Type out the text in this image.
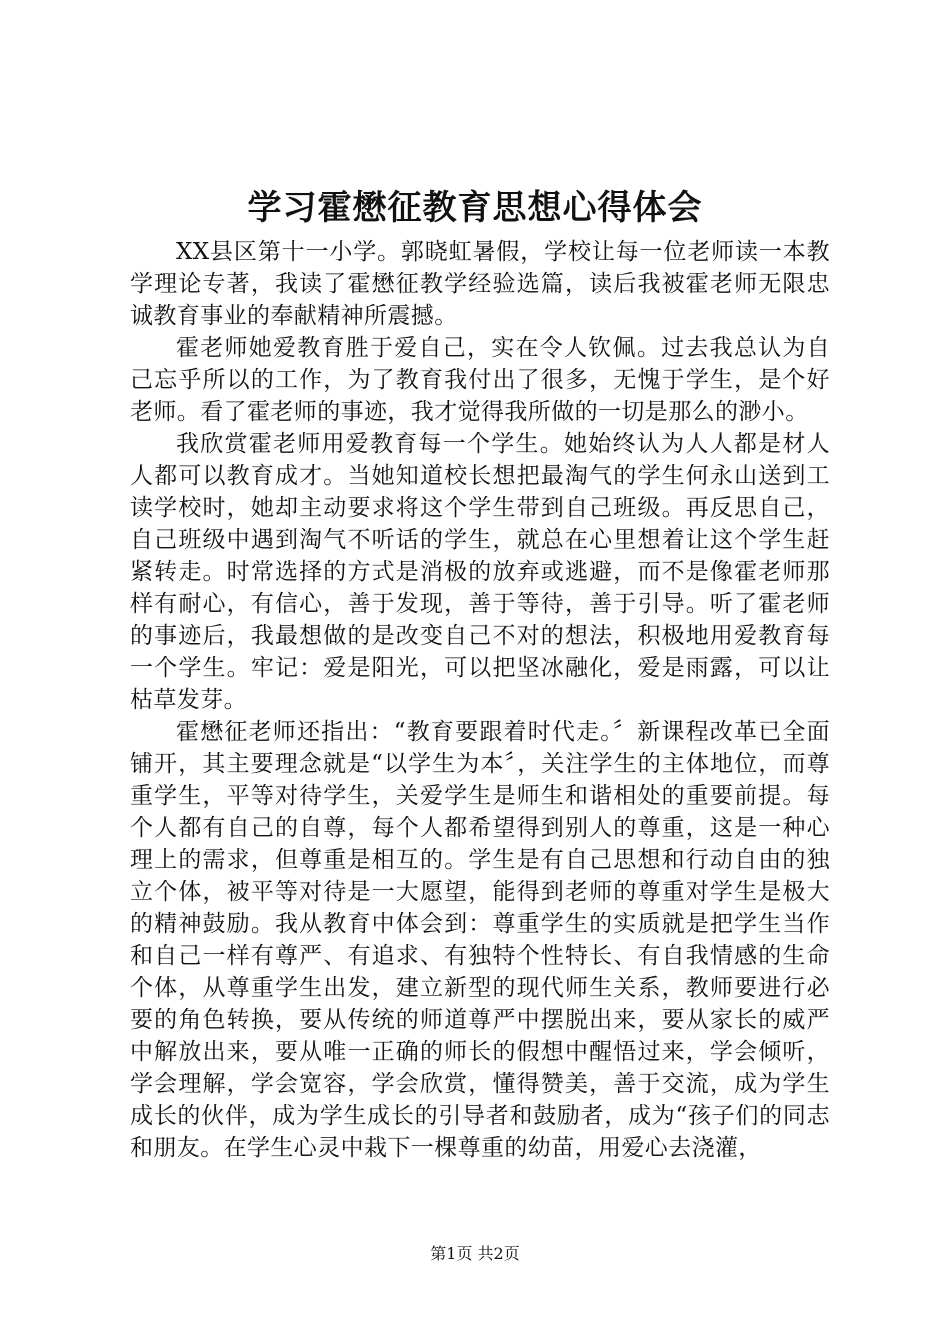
学习霍懋征教育思想心得体会

XX县区第十一小学。郭晓虹暑假，学校让每一位老师读一本教学理论专著，我读了霍懋征教学经验选篇，读后我被霍老师无限忠诚教育事业的奉献精神所震撼。

霍老师她爱教育胜于爱自己，实在令人钦佩。过去我总认为自己忘乎所以的工作，为了教育我付出了很多，无愧于学生，是个好老师。看了霍老师的事迹，我才觉得我所做的一切是那么的渺小。

我欣赏霍老师用爱教育每一个学生。她始终认为人人都是材人人都可以教育成才。当她知道校长想把最淘气的学生何永山送到工读学校时，她却主动要求将这个学生带到自己班级。再反思自己，自己班级中遇到淘气不听话的学生，就总在心里想着让这个学生赶紧转走。时常选择的方式是消极的放弃或逃避，而不是像霍老师那样有耐心，有信心，善于发现，善于等待，善于引导。听了霍老师的事迹后，我最想做的是改变自己不对的想法，积极地用爱教育每一个学生。牢记：爱是阳光，可以把坚冰融化，爱是雨露，可以让枯草发芽。

霍懋征老师还指出：“教育要跟着时代走。〞新课程改革已全面铺开，其主要理念就是“以学生为本〞，关注学生的主体地位，而尊重学生，平等对待学生，关爱学生是师生和谐相处的重要前提。每个人都有自己的自尊，每个人都希望得到别人的尊重，这是一种心理上的需求，但尊重是相互的。学生是有自己思想和行动自由的独立个体，被平等对待是一大愿望，能得到老师的尊重对学生是极大的精神鼓励。我从教育中体会到：尊重学生的实质就是把学生当作和自己一样有尊严、有追求、有独特个性特长、有自我情感的生命个体，从尊重学生出发，建立新型的现代师生关系，教师要进行必要的角色转换，要从传统的师道尊严中摆脱出来，要从家长的威严中解放出来，要从唯一正确的师长的假想中醒悟过来，学会倾听，学会理解，学会宽容，学会欣赏，懂得赞美，善于交流，成为学生成长的伙伴，成为学生成长的引导者和鼓励者，成为“孩子们的同志和朋友。在学生心灵中栽下一棵尊重的幼苗，用爱心去浇灌，

第1页 共2页
